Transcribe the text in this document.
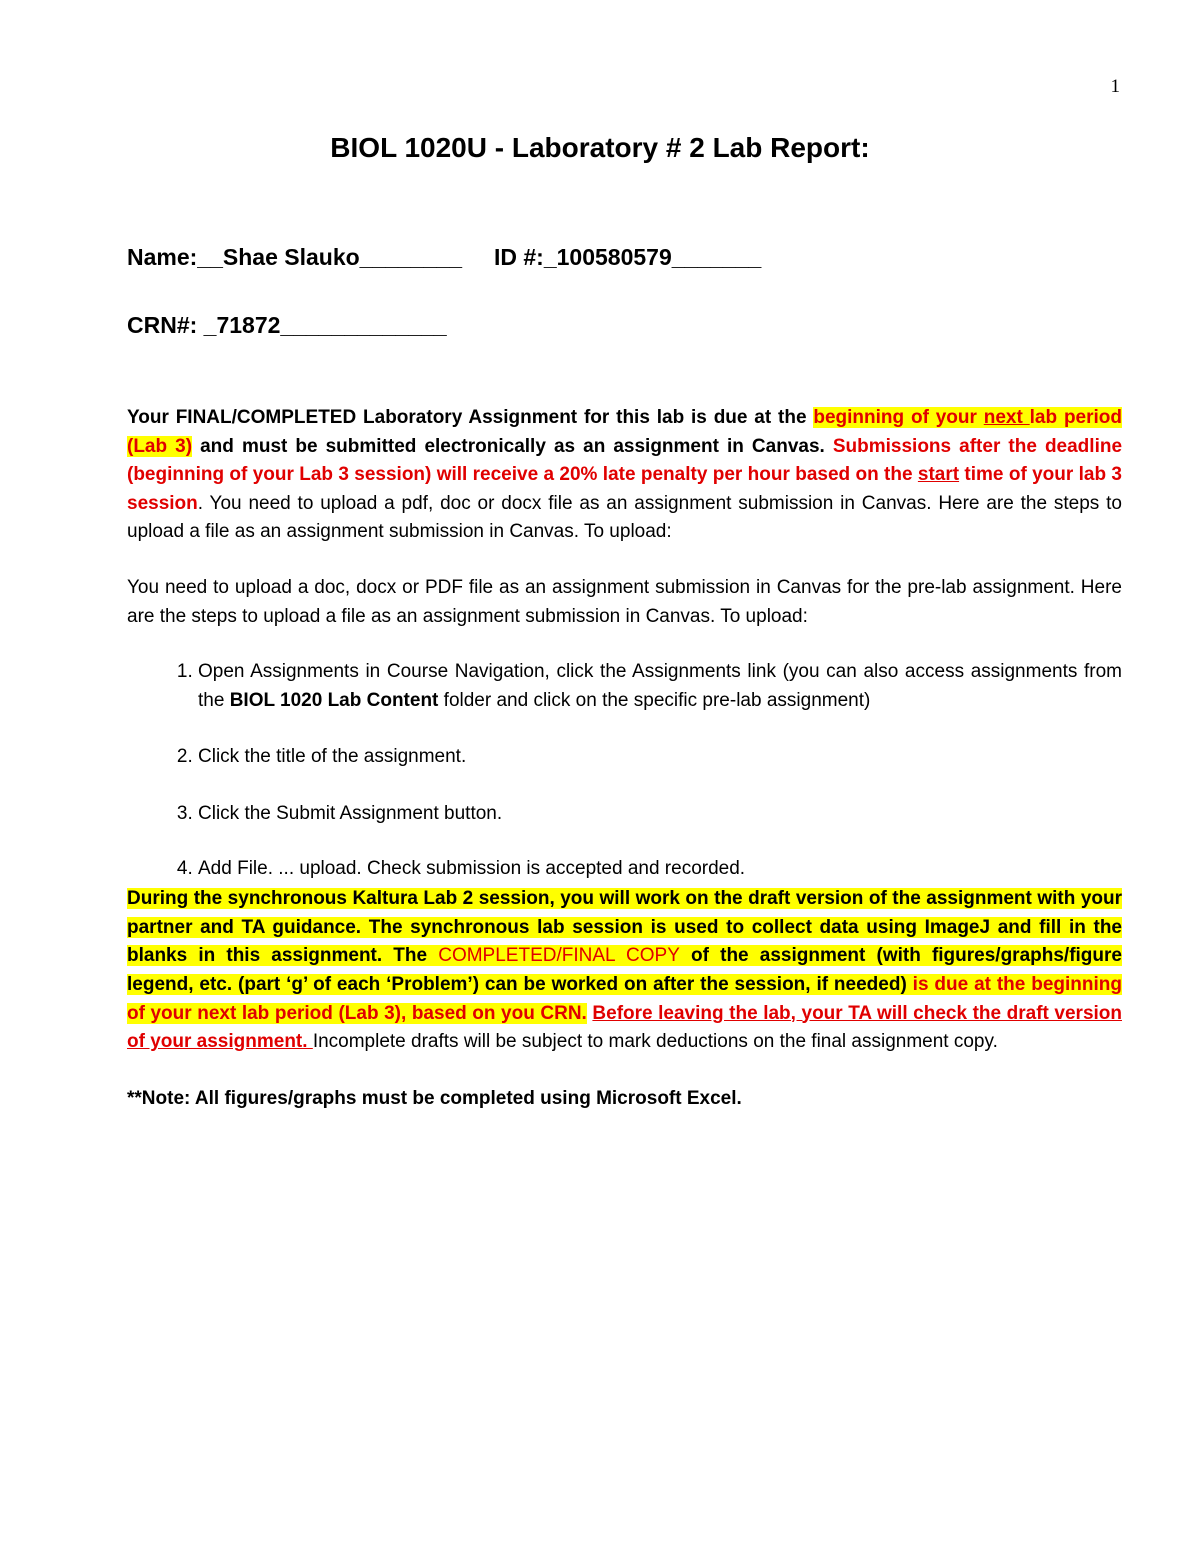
1
BIOL 1020U - Laboratory # 2 Lab Report:
Name:__Shae Slauko________ ID #:_100580579_______
CRN#: _71872_____________

Your FINAL/COMPLETED Laboratory Assignment for this lab is due at the beginning of your next lab period (Lab 3) and must be submitted electronically as an assignment in Canvas. Submissions after the deadline (beginning of your Lab 3 session) will receive a 20% late penalty per hour based on the start time of your lab 3 session. You need to upload a pdf, doc or docx file as an assignment submission in Canvas. Here are the steps to upload a file as an assignment submission in Canvas. To upload:

You need to upload a doc, docx or PDF file as an assignment submission in Canvas for the pre-lab assignment. Here are the steps to upload a file as an assignment submission in Canvas. To upload:

1. Open Assignments in Course Navigation, click the Assignments link (you can also access assignments from the BIOL 1020 Lab Content folder and click on the specific pre-lab assignment)
2. Click the title of the assignment.
3. Click the Submit Assignment button.
4. Add File. ... upload. Check submission is accepted and recorded.

During the synchronous Kaltura Lab 2 session, you will work on the draft version of the assignment with your partner and TA guidance. The synchronous lab session is used to collect data using ImageJ and fill in the blanks in this assignment. The COMPLETED/FINAL COPY of the assignment (with figures/graphs/figure legend, etc. (part ‘g’ of each ‘Problem’) can be worked on after the session, if needed) is due at the beginning of your next lab period (Lab 3), based on you CRN. Before leaving the lab, your TA will check the draft version of your assignment. Incomplete drafts will be subject to mark deductions on the final assignment copy.

**Note: All figures/graphs must be completed using Microsoft Excel.
